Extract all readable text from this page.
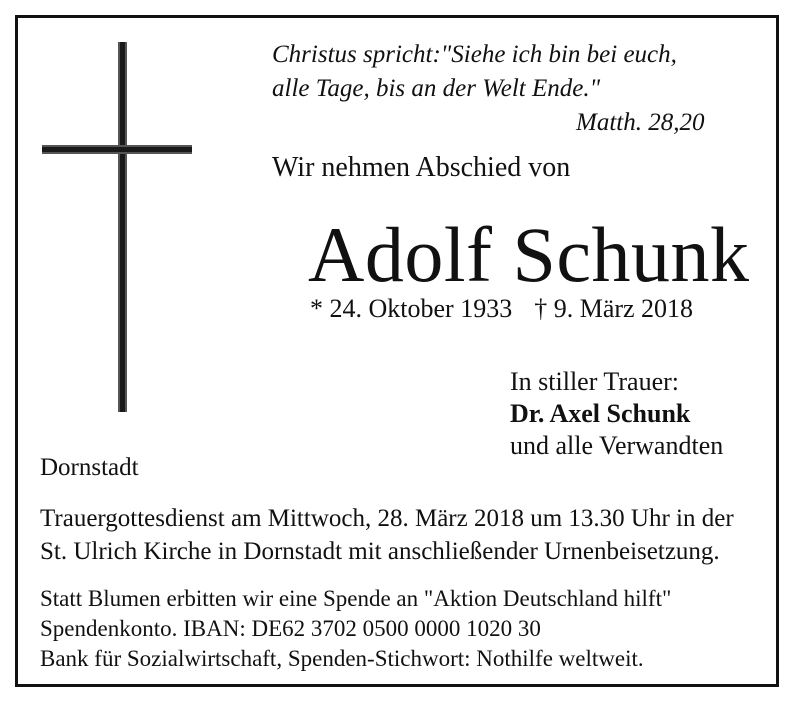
Christus spricht:"Siehe ich bin bei euch,
alle Tage, bis an der Welt Ende."
Matth. 28,20
Wir nehmen Abschied von
Adolf Schunk
* 24. Oktober 1933 † 9. März 2018
In stiller Trauer:
Dr. Axel Schunk
und alle Verwandten
Dornstadt
Trauergottesdienst am Mittwoch, 28. März 2018 um 13.30 Uhr in der
St. Ulrich Kirche in Dornstadt mit anschließender Urnenbeisetzung.
Statt Blumen erbitten wir eine Spende an "Aktion Deutschland hilft"
Spendenkonto. IBAN: DE62 3702 0500 0000 1020 30
Bank für Sozialwirtschaft, Spenden-Stichwort: Nothilfe weltweit.
